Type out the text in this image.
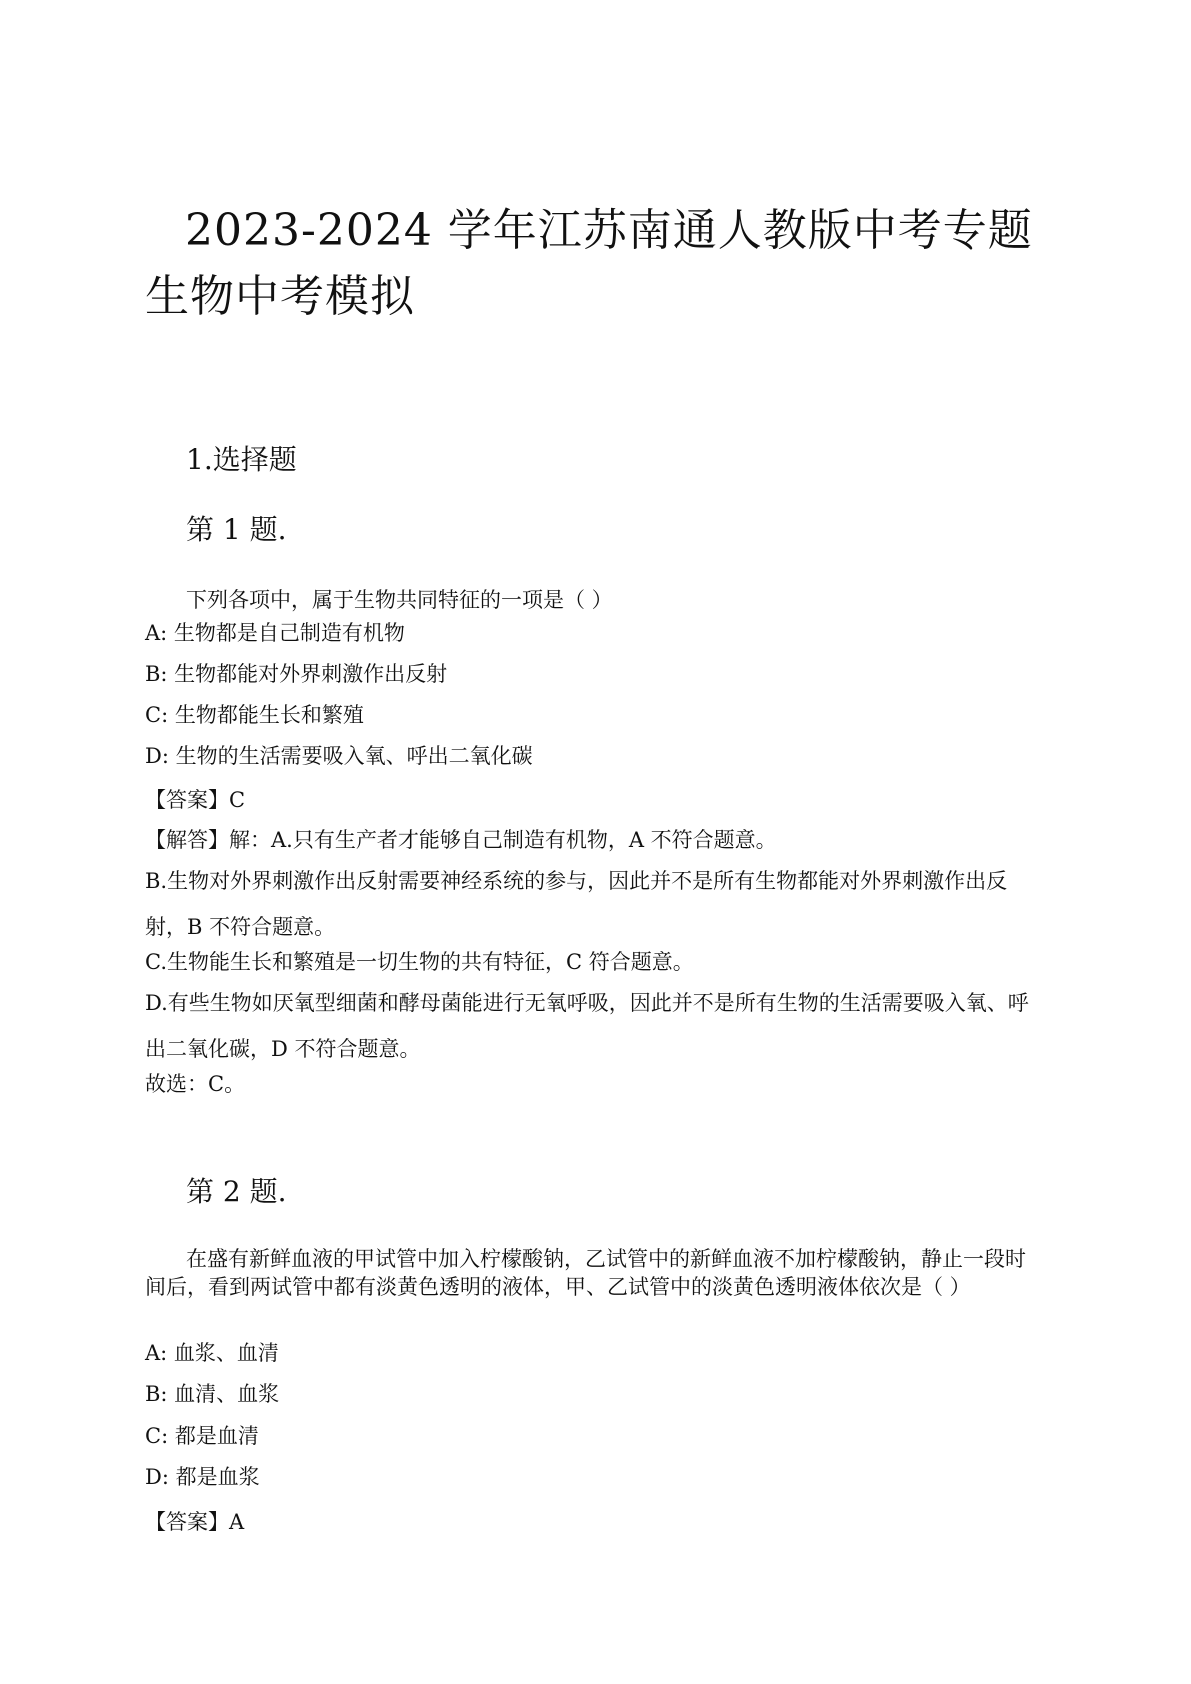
2023-2024 学年江苏南通人教版中考专题生物中考模拟
1.选择题
第 1 题.
下列各项中，属于生物共同特征的一项是（ ）
A: 生物都是自己制造有机物
B: 生物都能对外界刺激作出反射
C: 生物都能生长和繁殖
D: 生物的生活需要吸入氧、呼出二氧化碳
【答案】C
【解答】解：A.只有生产者才能够自己制造有机物，A 不符合题意。
B.生物对外界刺激作出反射需要神经系统的参与，因此并不是所有生物都能对外界刺激作出反射，B 不符合题意。
C.生物能生长和繁殖是一切生物的共有特征，C 符合题意。
D.有些生物如厌氧型细菌和酵母菌能进行无氧呼吸，因此并不是所有生物的生活需要吸入氧、呼出二氧化碳，D 不符合题意。
故选：C。
第 2 题.
在盛有新鲜血液的甲试管中加入柠檬酸钠，乙试管中的新鲜血液不加柠檬酸钠，静止一段时间后，看到两试管中都有淡黄色透明的液体，甲、乙试管中的淡黄色透明液体依次是（ ）
A: 血浆、血清
B: 血清、血浆
C: 都是血清
D: 都是血浆
【答案】A
